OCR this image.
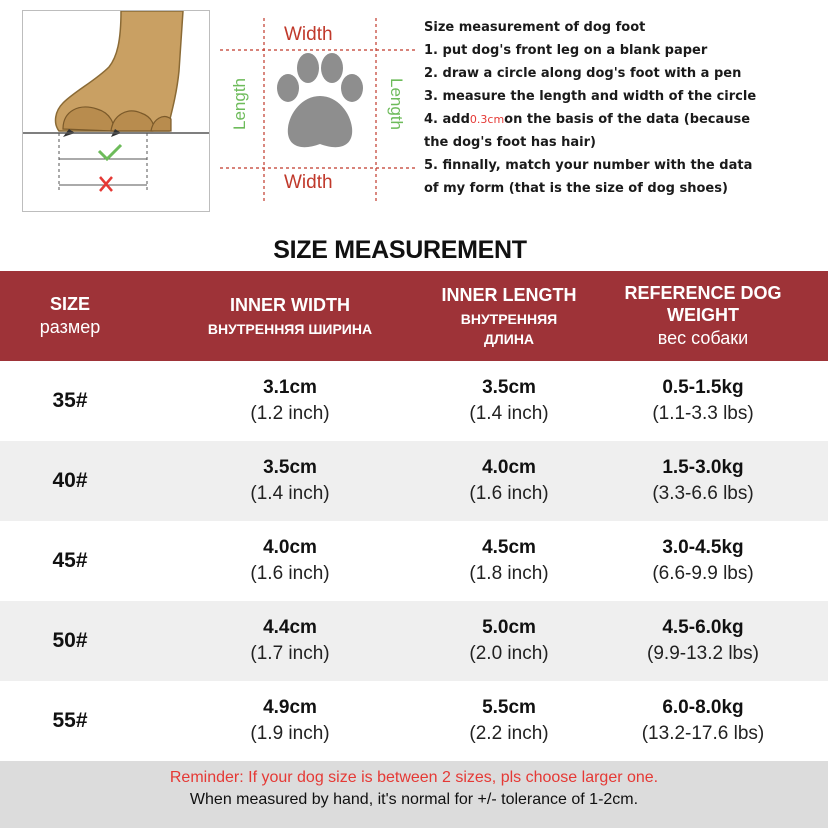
Width
Width
Length	Length
Size measurement of dog foot
1. put dog's front leg on a blank paper
2. draw a circle along dog's foot with a pen
3. measure the length and width of the circle
4. add0.3cmon the basis of the data (because
the dog's foot has hair)
5. finnally, match your number with the data
of my form (that is the size of dog shoes)
SIZE MEASUREMENT
SIZE
размер
INNER WIDTH
ВНУТРЕННЯЯ ШИРИНА
INNER LENGTH
ВНУТРЕННЯЯ ДЛИНА
REFERENCE DOG
WEIGHT
вес собаки
35#
3.1cm
(1.2 inch)
3.5cm
(1.4 inch)
0.5-1.5kg
(1.1-3.3 lbs)
40#
3.5cm
(1.4 inch)
4.0cm
(1.6 inch)
1.5-3.0kg
(3.3-6.6 lbs)
45#
4.0cm
(1.6 inch)
4.5cm
(1.8 inch)
3.0-4.5kg
(6.6-9.9 lbs)
50#
4.4cm
(1.7 inch)
5.0cm
(2.0 inch)
4.5-6.0kg
(9.9-13.2 lbs)
55#
4.9cm
(1.9 inch)
5.5cm
(2.2 inch)
6.0-8.0kg
(13.2-17.6 lbs)
Reminder: If your dog size is between 2 sizes, pls choose larger one.
When measured by hand, it's normal for +/- tolerance of 1-2cm.
